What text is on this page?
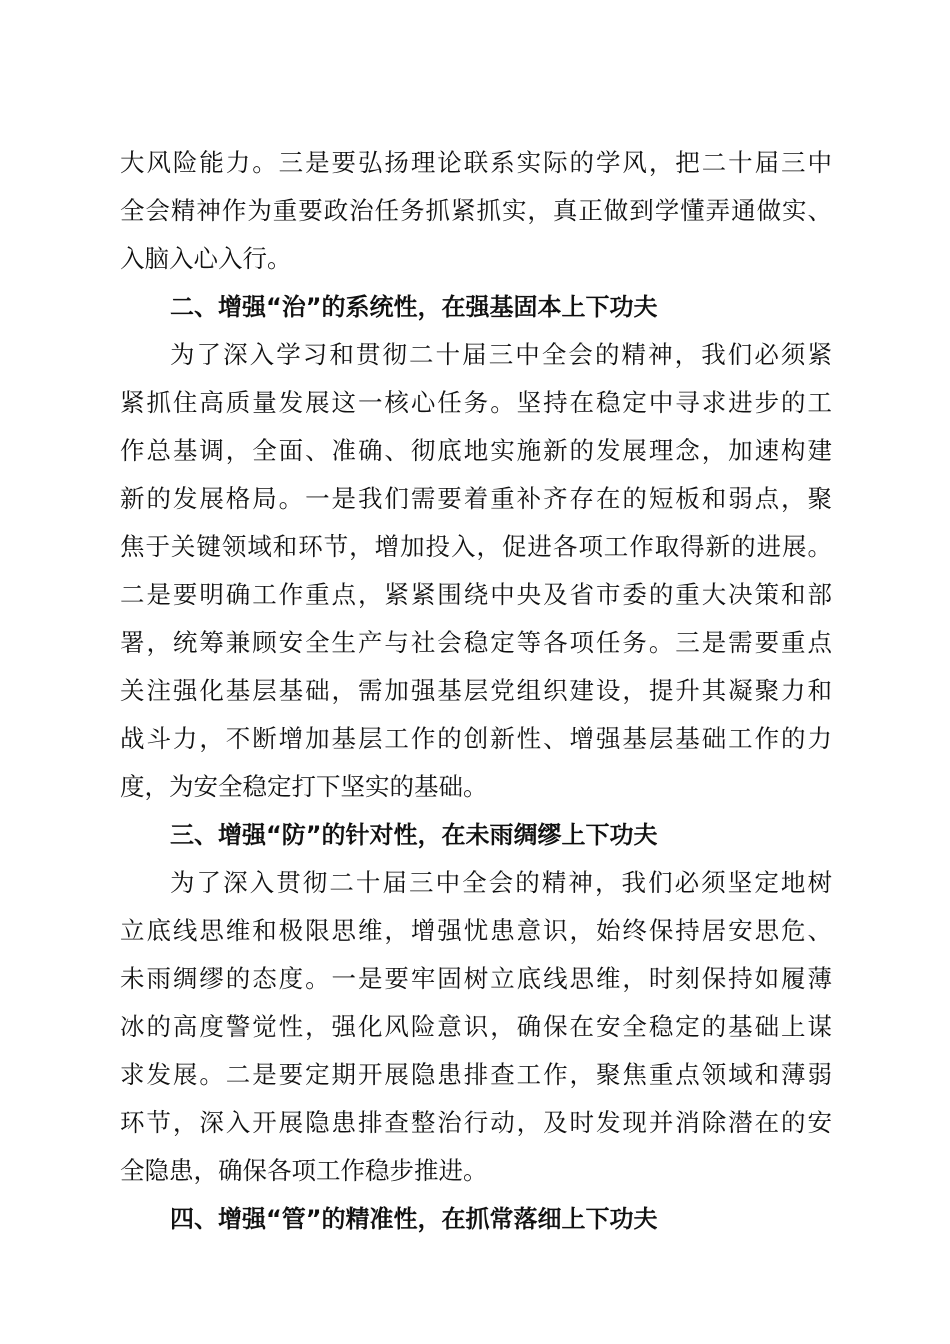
大风险能力。三是要弘扬理论联系实际的学风，把二十届三中
全会精神作为重要政治任务抓紧抓实，真正做到学懂弄通做实、
入脑入心入行。
二、增强“治”的系统性，在强基固本上下功夫
为了深入学习和贯彻二十届三中全会的精神，我们必须紧
紧抓住高质量发展这一核心任务。坚持在稳定中寻求进步的工
作总基调，全面、准确、彻底地实施新的发展理念，加速构建
新的发展格局。一是我们需要着重补齐存在的短板和弱点，聚
焦于关键领域和环节，增加投入，促进各项工作取得新的进展。
二是要明确工作重点，紧紧围绕中央及省市委的重大决策和部
署，统筹兼顾安全生产与社会稳定等各项任务。三是需要重点
关注强化基层基础，需加强基层党组织建设，提升其凝聚力和
战斗力，不断增加基层工作的创新性、增强基层基础工作的力
度，为安全稳定打下坚实的基础。
三、增强“防”的针对性，在未雨绸缪上下功夫
为了深入贯彻二十届三中全会的精神，我们必须坚定地树
立底线思维和极限思维，增强忧患意识，始终保持居安思危、
未雨绸缪的态度。一是要牢固树立底线思维，时刻保持如履薄
冰的高度警觉性，强化风险意识，确保在安全稳定的基础上谋
求发展。二是要定期开展隐患排查工作，聚焦重点领域和薄弱
环节，深入开展隐患排查整治行动，及时发现并消除潜在的安
全隐患，确保各项工作稳步推进。
四、增强“管”的精准性，在抓常落细上下功夫
